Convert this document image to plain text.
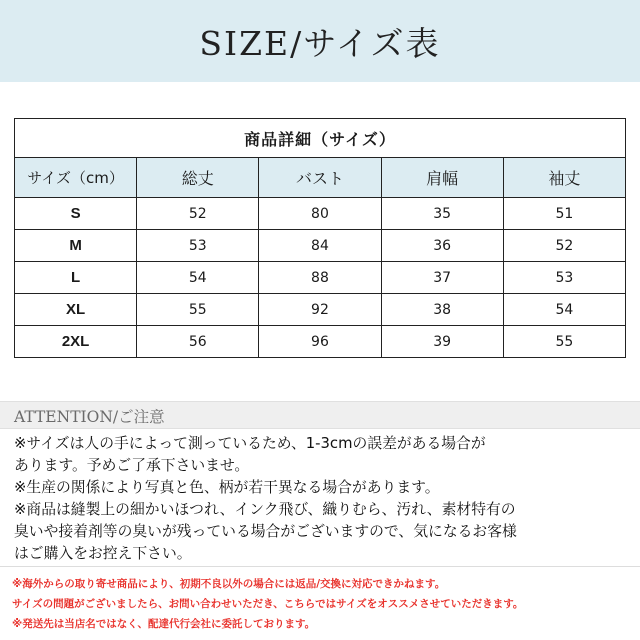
SIZE/サイズ表
商品詳細（サイズ）				
サイズ（cm）	総丈	バスト	肩幅	袖丈
S	52	80	35	51
M	53	84	36	52
L	54	88	37	53
XL	55	92	38	54
2XL	56	96	39	55
ATTENTION/ご注意

※サイズは人の手によって測っているため、1-3cmの誤差がある場合が

あります。予めご了承下さいませ。

※生産の関係により写真と色、柄が若干異なる場合があります。

※商品は縫製上の細かいほつれ、インク飛び、織りむら、汚れ、素材特有の

臭いや接着剤等の臭いが残っている場合がございますので、気になるお客様

はご購入をお控え下さい。

※海外からの取り寄せ商品により、初期不良以外の場合には返品/交換に対応できかねます。

サイズの問題がございましたら、お問い合わせいただき、こちらではサイズをオススメさせていただきます。

※発送先は当店名ではなく、配達代行会社に委託しております。
